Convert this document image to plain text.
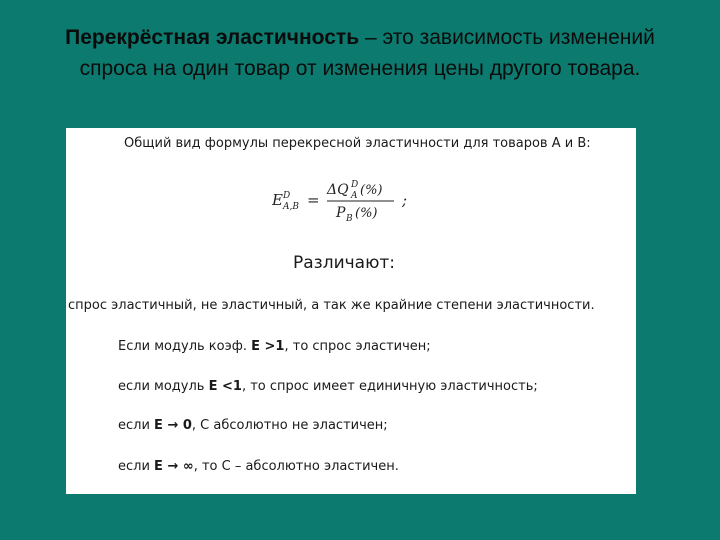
Перекрёстная эластичность – это зависимость изменений спроса на один товар от изменения цены другого товара.
Общий вид формулы перекресной эластичности для товаров А и В:
E D
A,B =
ΔQ D
A (%)
P B (%)
;
Различают:
спрос эластичный, не эластичный, а так же крайние степени эластичности.
Если модуль коэф. E >1, то спрос эластичен;
если модуль E <1, то спрос имеет единичную эластичность;
если E → 0, С абсолютно не эластичен;
если E → ∞, то С – абсолютно эластичен.
